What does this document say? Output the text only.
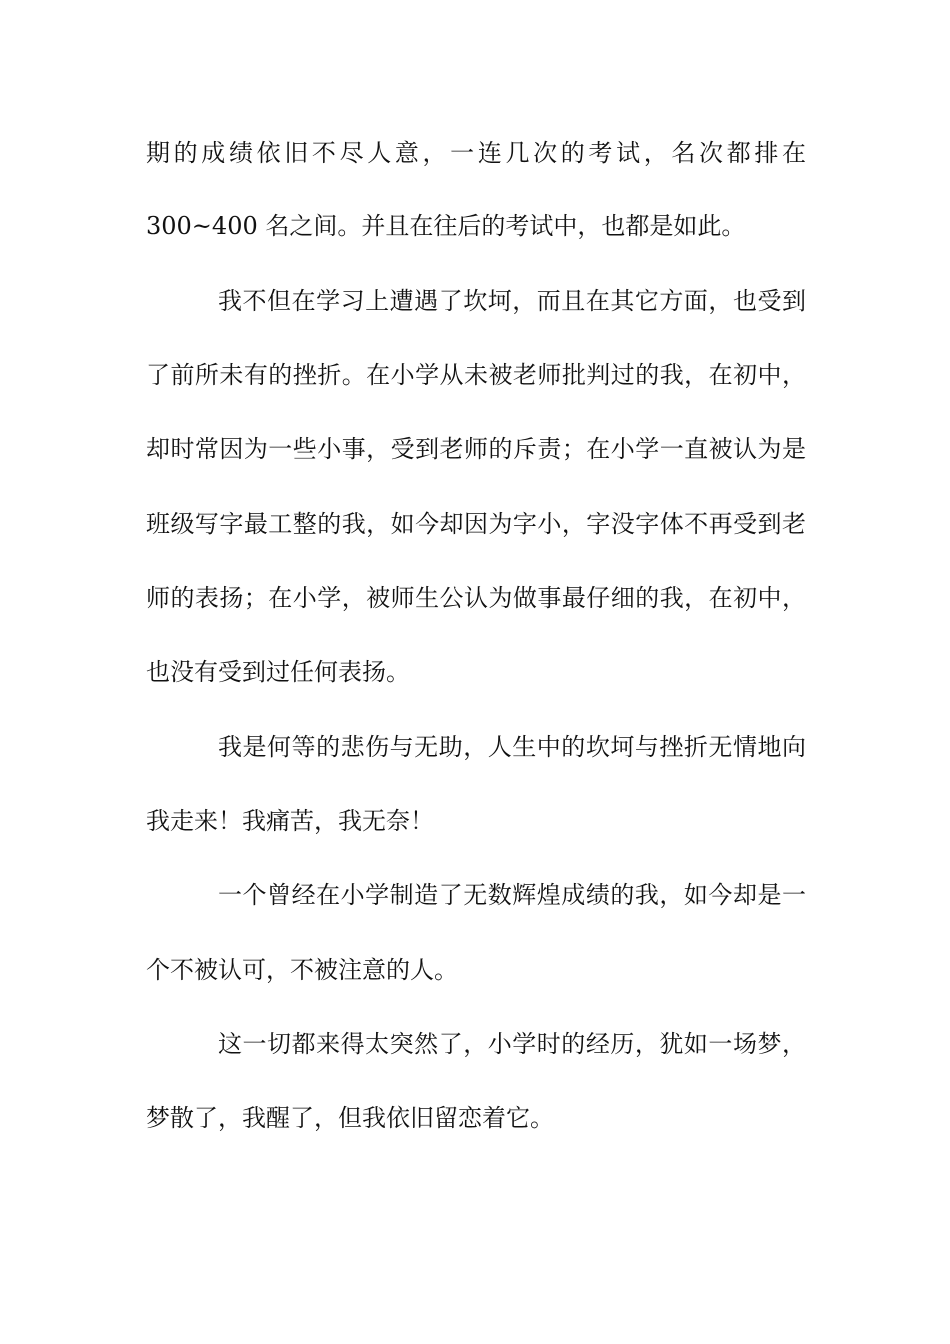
期的成绩依旧不尽人意，一连几次的考试，名次都排在
300~400 名之间。并且在往后的考试中，也都是如此。
我不但在学习上遭遇了坎坷，而且在其它方面，也受到
了前所未有的挫折。在小学从未被老师批判过的我，在初中，
却时常因为一些小事，受到老师的斥责；在小学一直被认为是
班级写字最工整的我，如今却因为字小，字没字体不再受到老
师的表扬；在小学，被师生公认为做事最仔细的我，在初中，
也没有受到过任何表扬。
我是何等的悲伤与无助，人生中的坎坷与挫折无情地向
我走来！我痛苦，我无奈！
一个曾经在小学制造了无数辉煌成绩的我，如今却是一
个不被认可，不被注意的人。
这一切都来得太突然了，小学时的经历，犹如一场梦，
梦散了，我醒了，但我依旧留恋着它。
